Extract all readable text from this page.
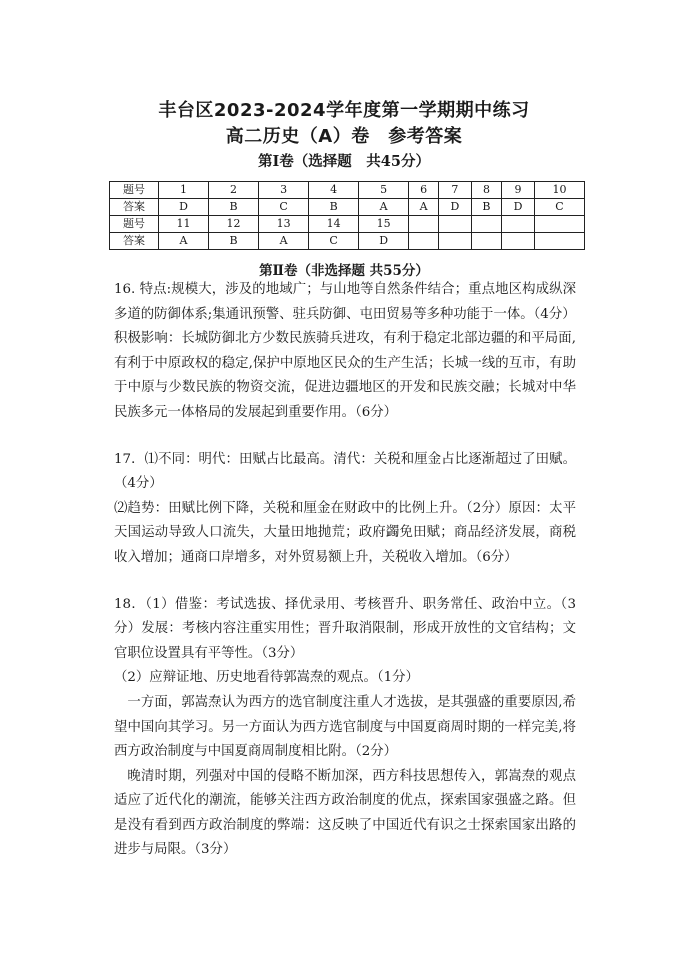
丰台区2023-2024学年度第一学期期中练习
高二历史（A）卷　参考答案
第Ⅰ卷（选择题　共45分）
题号	1	2	3	4	5	6	7	8	9	10
答案	D	B	C	B	A	A	D	B	D	C
题号	11	12	13	14	15					
答案	A	B	A	C	D					
第Ⅱ卷（非选择题 共55分）

16. 特点:规模大，涉及的地域广；与山地等自然条件结合；重点地区构成纵深多道的防御体系;集通讯预警、驻兵防御、屯田贸易等多种功能于一体。（4分）

积极影响：长城防御北方少数民族骑兵进攻，有利于稳定北部边疆的和平局面,有利于中原政权的稳定,保护中原地区民众的生产生活；长城一线的互市，有助于中原与少数民族的物资交流，促进边疆地区的开发和民族交融；长城对中华民族多元一体格局的发展起到重要作用。（6分）

17．⑴不同：明代：田赋占比最高。清代：关税和厘金占比逐渐超过了田赋。（4分）

⑵趋势：田赋比例下降，关税和厘金在财政中的比例上升。（2分）原因：太平天国运动导致人口流失，大量田地抛荒；政府蠲免田赋；商品经济发展，商税收入增加；通商口岸增多，对外贸易额上升，关税收入增加。（6分）

18．（1）借鉴：考试选拔、择优录用、考核晋升、职务常任、政治中立。（3分）发展：考核内容注重实用性；晋升取消限制，形成开放性的文官结构；文官职位设置具有平等性。（3分）

（2）应辩证地、历史地看待郭嵩焘的观点。（1分）

一方面，郭嵩焘认为西方的选官制度注重人才选拔，是其强盛的重要原因,希望中国向其学习。另一方面认为西方选官制度与中国夏商周时期的一样完美,将西方政治制度与中国夏商周制度相比附。（2分）

晚清时期，列强对中国的侵略不断加深，西方科技思想传入，郭嵩焘的观点适应了近代化的潮流，能够关注西方政治制度的优点，探索国家强盛之路。但是没有看到西方政治制度的弊端：这反映了中国近代有识之士探索国家出路的进步与局限。（3分）
